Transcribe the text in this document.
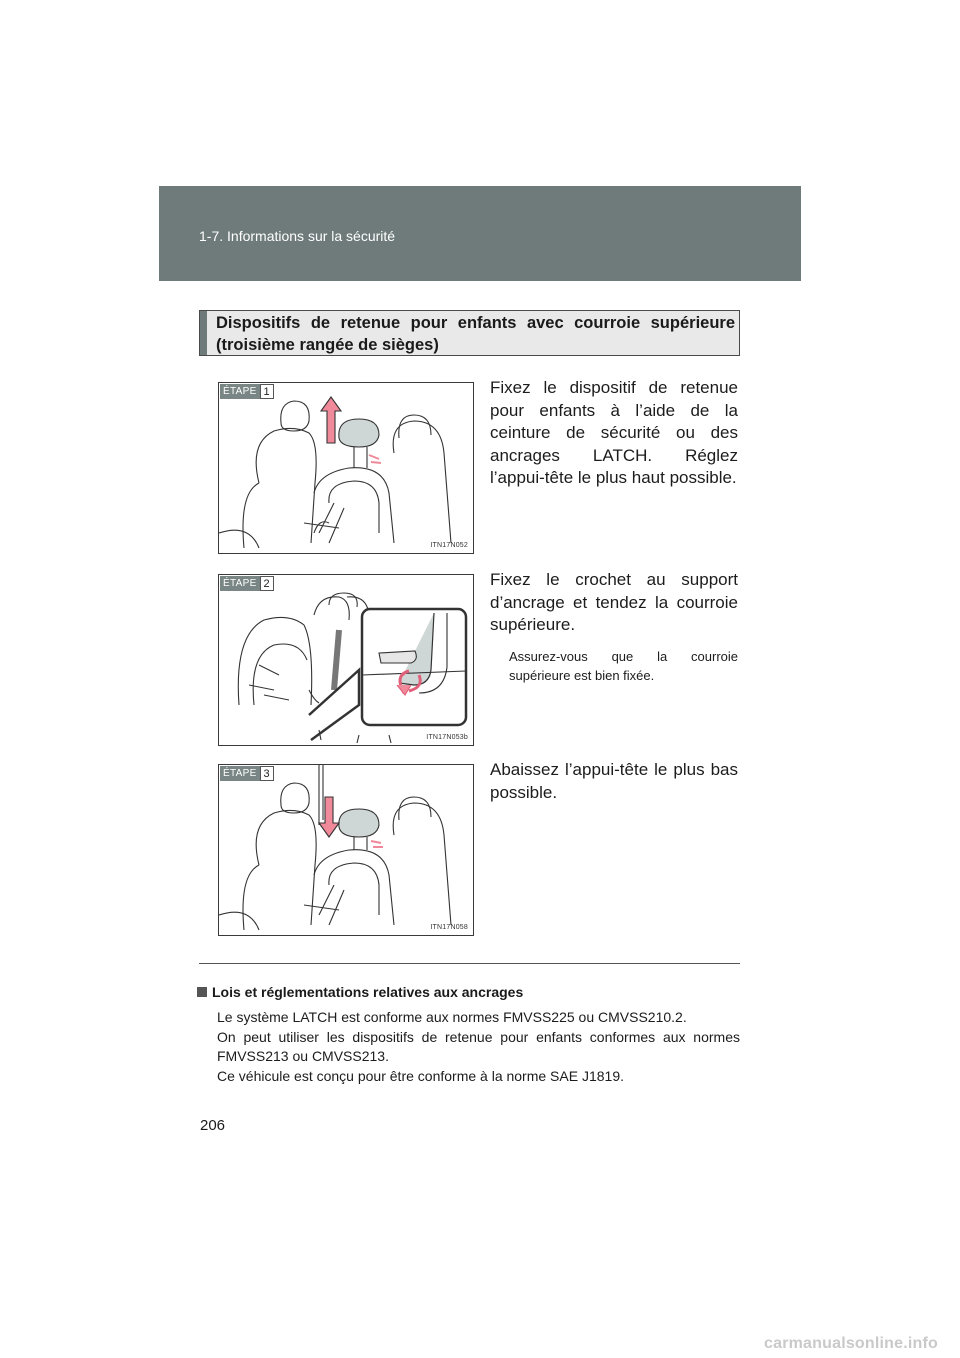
1-7. Informations sur la sécurité
Dispositifs de retenue pour enfants avec courroie supérieure (troisième rangée de sièges)
ÉTAPE 1
ITN17N052
Fixez le dispositif de retenue pour enfants à l’aide de la ceinture de sécurité ou des ancrages LATCH. Réglez l’appui-tête le plus haut possible.
ÉTAPE 2
ITN17N053b
Fixez le crochet au support d’ancrage et tendez la courroie supérieure.
Assurez-vous que la courroie supérieure est bien fixée.
ÉTAPE 3
ITN17N058
Abaissez l’appui-tête le plus bas possible.
Lois et réglementations relatives aux ancrages

Le système LATCH est conforme aux normes FMVSS225 ou CMVSS210.2.

On peut utiliser les dispositifs de retenue pour enfants conformes aux normes FMVSS213 ou CMVSS213.

Ce véhicule est conçu pour être conforme à la norme SAE J1819.

206
carmanualsonline.info
